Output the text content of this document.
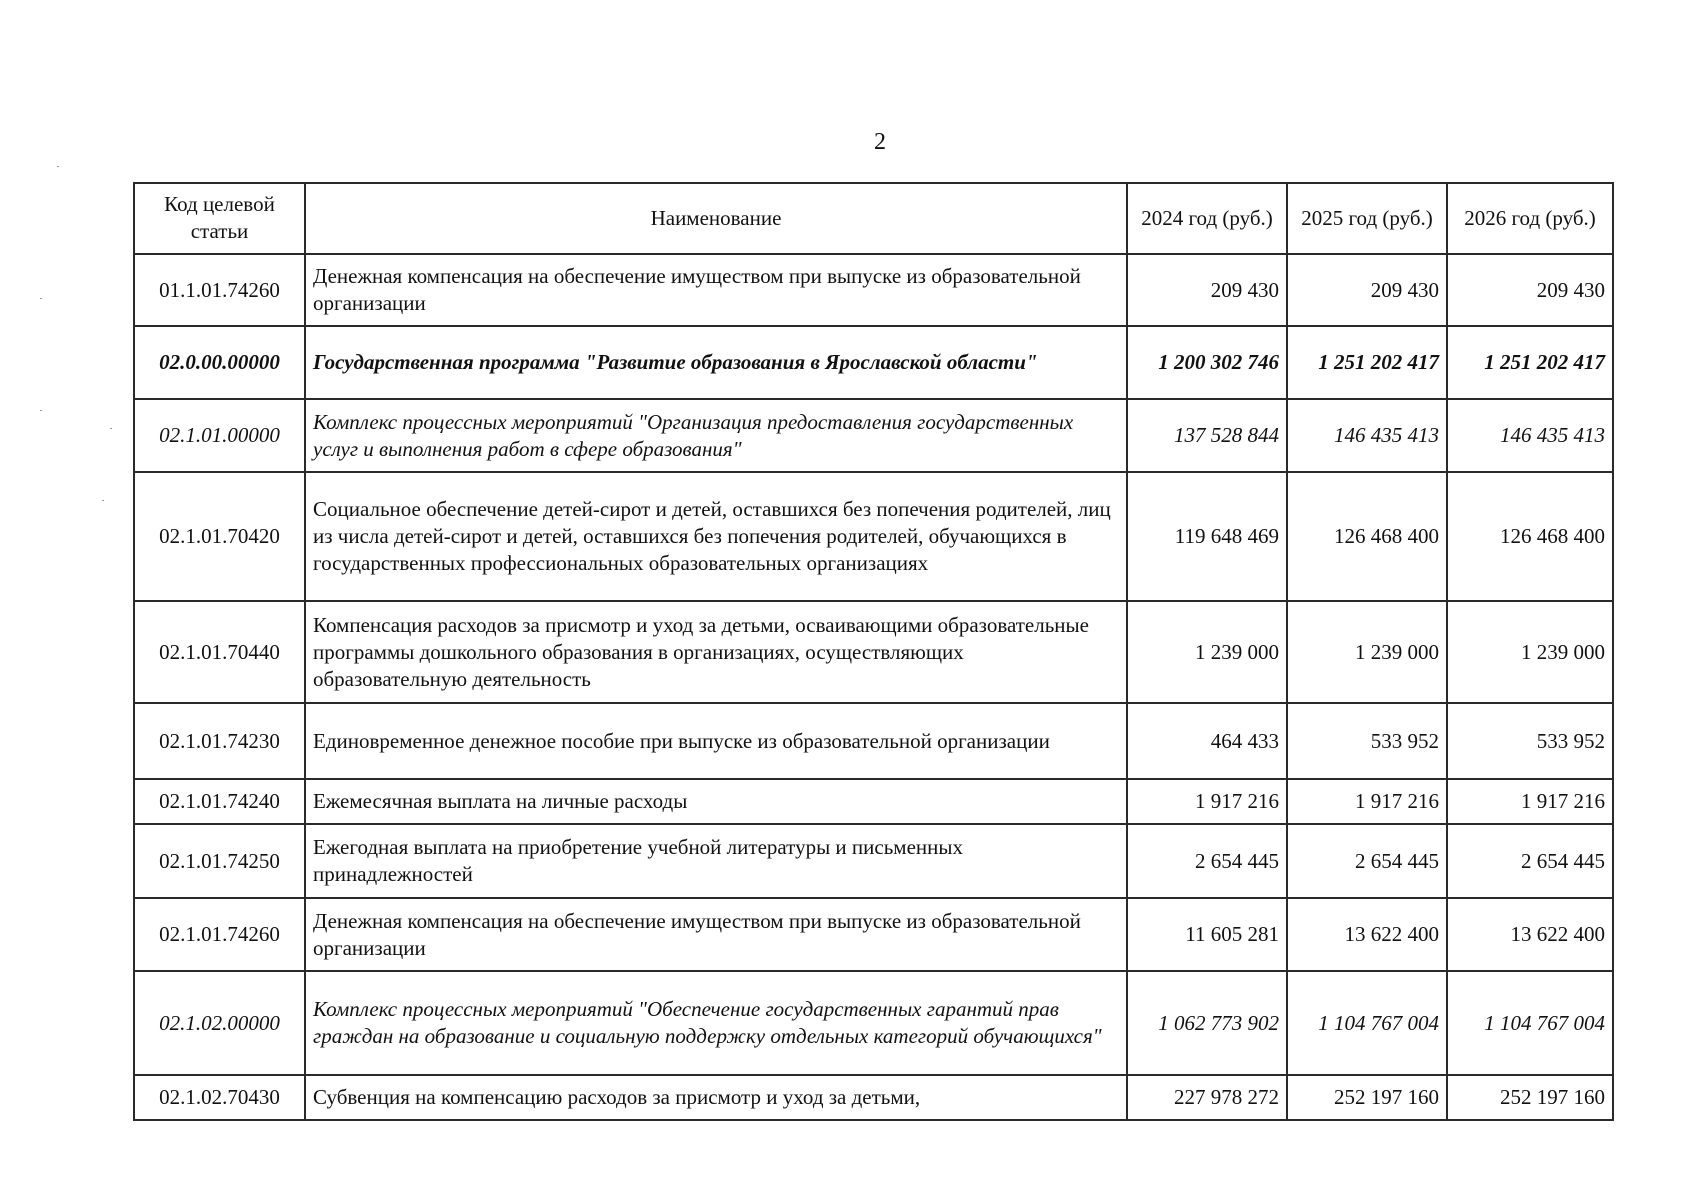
2
Код целевой статьи	Наименование	2024 год (руб.)	2025 год (руб.)	2026 год (руб.)
01.1.01.74260	Денежная компенсация на обеспечение имуществом при выпуске из образовательной организации	209 430	209 430	209 430
02.0.00.00000	Государственная программа "Развитие образования в Ярославской области"	1 200 302 746	1 251 202 417	1 251 202 417
02.1.01.00000	Комплекс процессных мероприятий "Организация предоставления государственных услуг и выполнения работ в сфере образования"	137 528 844	146 435 413	146 435 413
02.1.01.70420	Социальное обеспечение детей-сирот и детей, оставшихся без попечения родителей, лиц из числа детей-сирот и детей, оставшихся без попечения родителей, обучающихся в государственных профессиональных образовательных организациях	119 648 469	126 468 400	126 468 400
02.1.01.70440	Компенсация расходов за присмотр и уход за детьми, осваивающими образовательные программы дошкольного образования в организациях, осуществляющих образовательную деятельность	1 239 000	1 239 000	1 239 000
02.1.01.74230	Единовременное денежное пособие при выпуске из образовательной организации	464 433	533 952	533 952
02.1.01.74240	Ежемесячная выплата на личные расходы	1 917 216	1 917 216	1 917 216
02.1.01.74250	Ежегодная выплата на приобретение учебной литературы и письменных принадлежностей	2 654 445	2 654 445	2 654 445
02.1.01.74260	Денежная компенсация на обеспечение имуществом при выпуске из образовательной организации	11 605 281	13 622 400	13 622 400
02.1.02.00000	Комплекс процессных мероприятий "Обеспечение государственных гарантий прав граждан на образование и социальную поддержку отдельных категорий обучающихся"	1 062 773 902	1 104 767 004	1 104 767 004
02.1.02.70430	Субвенция на компенсацию расходов за присмотр и уход за детьми,	227 978 272	252 197 160	252 197 160
